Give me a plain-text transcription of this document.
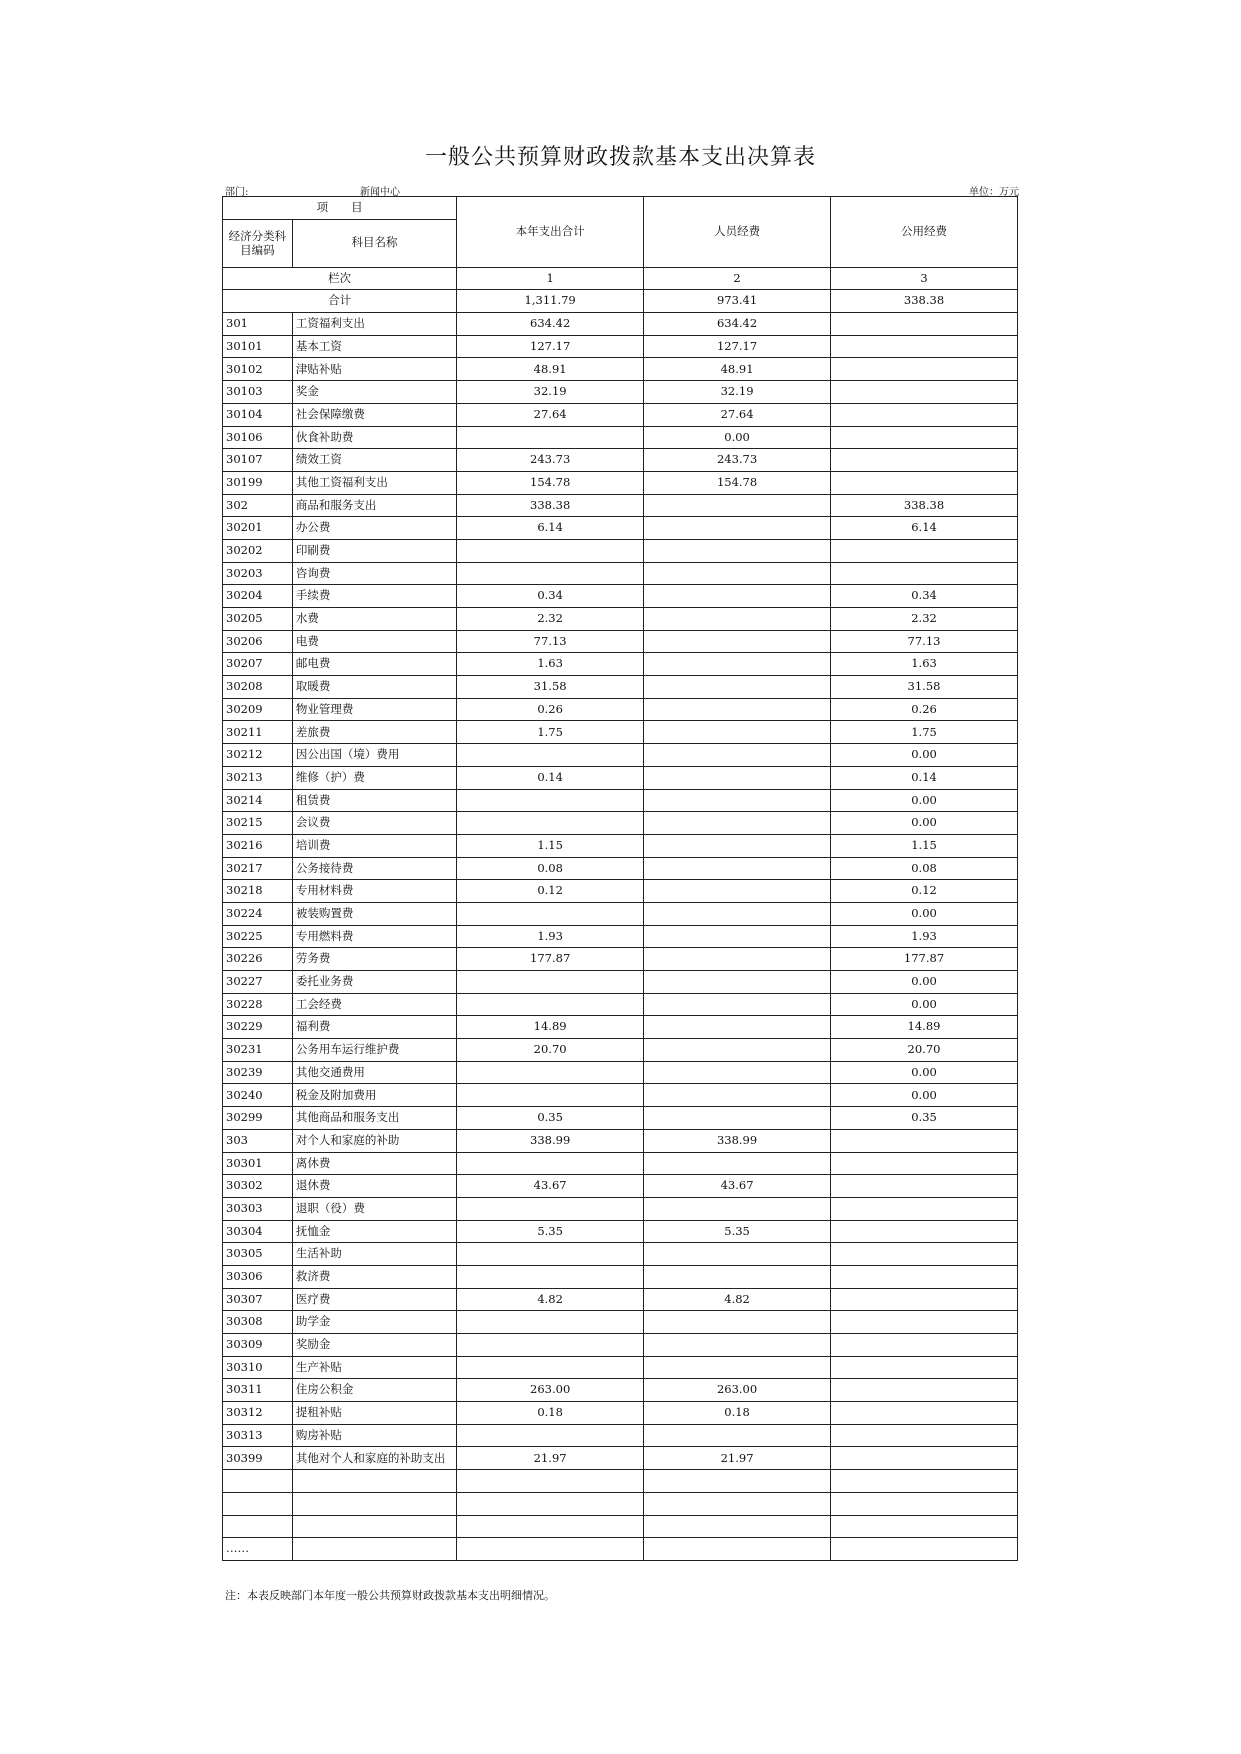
一般公共预算财政拨款基本支出决算表
部门:	新闻中心	单位：万元
项　　目		本年支出合计	人员经费	公用经费
经济分类科目编码	科目名称			
栏次		1	2	3
合计		1,311.79	973.41	338.38
301	工资福利支出	634.42	634.42	
30101	基本工资	127.17	127.17	
30102	津贴补贴	48.91	48.91	
30103	奖金	32.19	32.19	
30104	社会保障缴费	27.64	27.64	
30106	伙食补助费		0.00	
30107	绩效工资	243.73	243.73	
30199	其他工资福利支出	154.78	154.78	
302	商品和服务支出	338.38		338.38
30201	办公费	6.14		6.14
30202	印刷费			
30203	咨询费			
30204	手续费	0.34		0.34
30205	水费	2.32		2.32
30206	电费	77.13		77.13
30207	邮电费	1.63		1.63
30208	取暖费	31.58		31.58
30209	物业管理费	0.26		0.26
30211	差旅费	1.75		1.75
30212	因公出国（境）费用			0.00
30213	维修（护）费	0.14		0.14
30214	租赁费			0.00
30215	会议费			0.00
30216	培训费	1.15		1.15
30217	公务接待费	0.08		0.08
30218	专用材料费	0.12		0.12
30224	被装购置费			0.00
30225	专用燃料费	1.93		1.93
30226	劳务费	177.87		177.87
30227	委托业务费			0.00
30228	工会经费			0.00
30229	福利费	14.89		14.89
30231	公务用车运行维护费	20.70		20.70
30239	其他交通费用			0.00
30240	税金及附加费用			0.00
30299	其他商品和服务支出	0.35		0.35
303	对个人和家庭的补助	338.99	338.99	
30301	离休费			
30302	退休费	43.67	43.67	
30303	退职（役）费			
30304	抚恤金	5.35	5.35	
30305	生活补助			
30306	救济费			
30307	医疗费	4.82	4.82	
30308	助学金			
30309	奖励金			
30310	生产补贴			
30311	住房公积金	263.00	263.00	
30312	提租补贴	0.18	0.18	
30313	购房补贴			
30399	其他对个人和家庭的补助支出	21.97	21.97	

……				
注：本表反映部门本年度一般公共预算财政拨款基本支出明细情况。
